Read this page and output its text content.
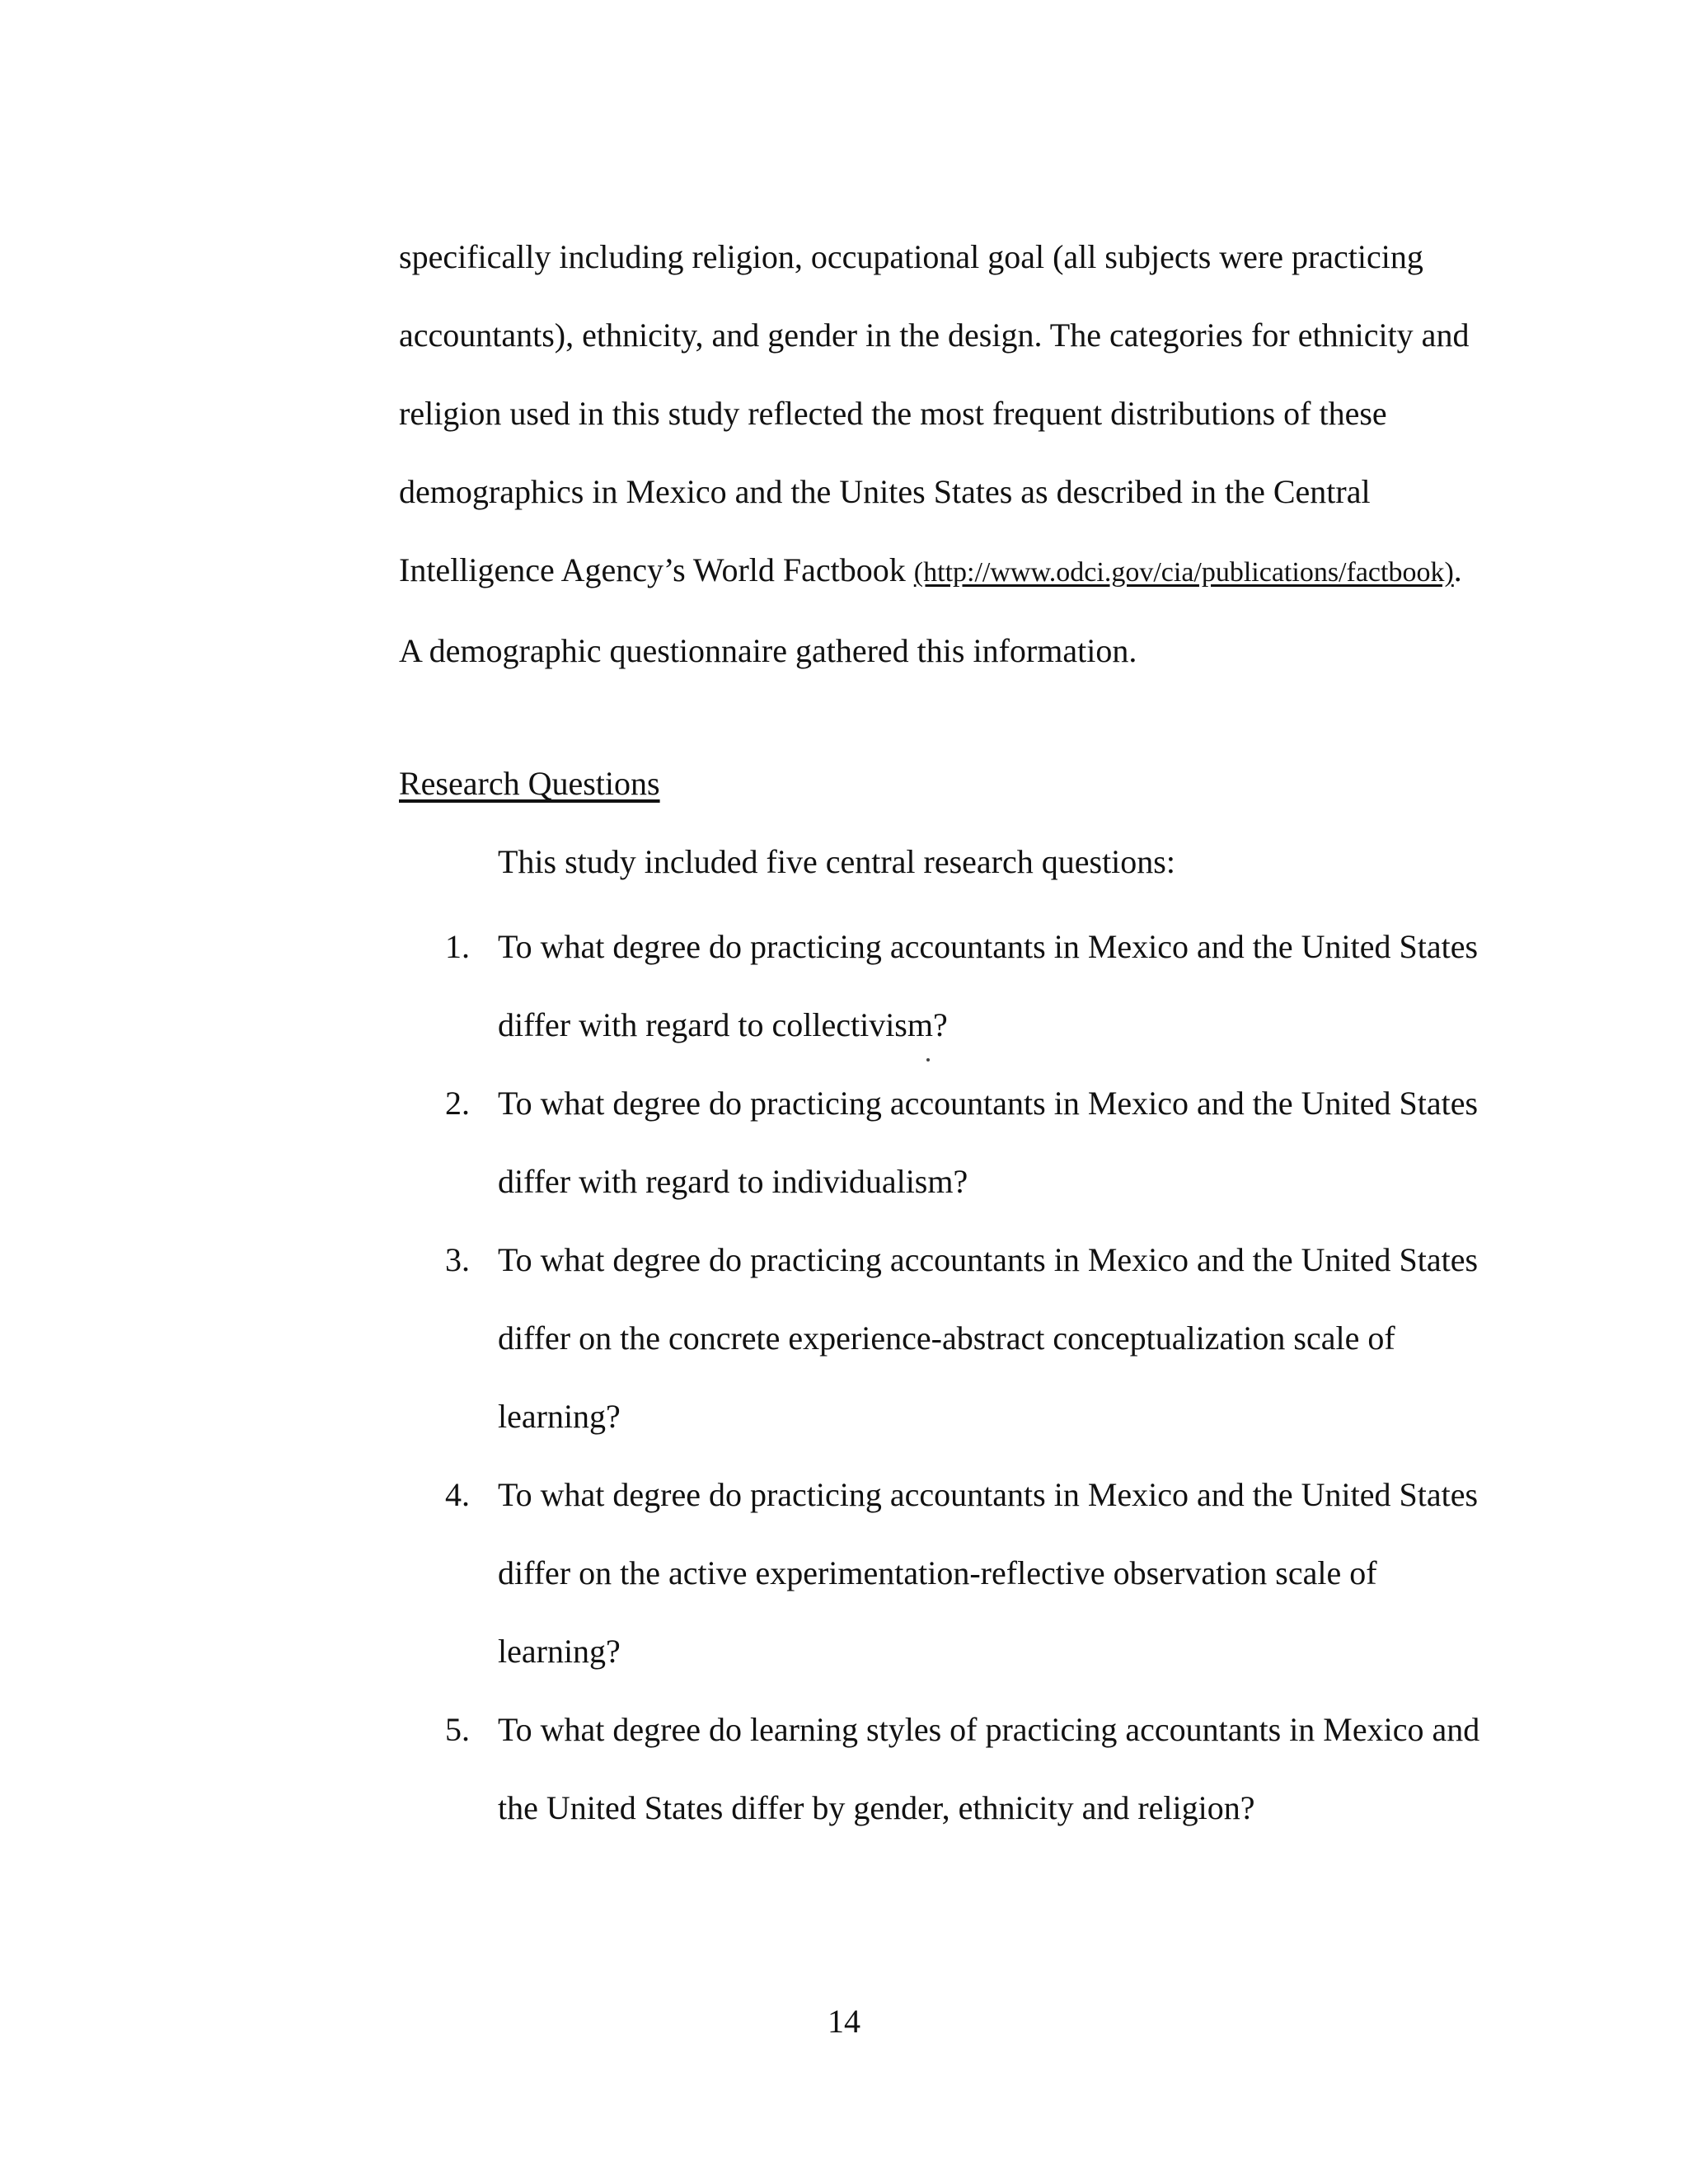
specifically including religion, occupational goal (all subjects were practicing
accountants), ethnicity, and gender in the design. The categories for ethnicity and
religion used in this study reflected the most frequent distributions of these
demographics in Mexico and the Unites States as described in the Central
Intelligence Agency’s World Factbook (http://www.odci.gov/cia/publications/factbook).
A demographic questionnaire gathered this information.
Research Questions
This study included five central research questions:
1. To what degree do practicing accountants in Mexico and the United States
differ with regard to collectivism?
2. To what degree do practicing accountants in Mexico and the United States
differ with regard to individualism?
3. To what degree do practicing accountants in Mexico and the United States
differ on the concrete experience-abstract conceptualization scale of
learning?
4. To what degree do practicing accountants in Mexico and the United States
differ on the active experimentation-reflective observation scale of
learning?
5. To what degree do learning styles of practicing accountants in Mexico and
the United States differ by gender, ethnicity and religion?
14
